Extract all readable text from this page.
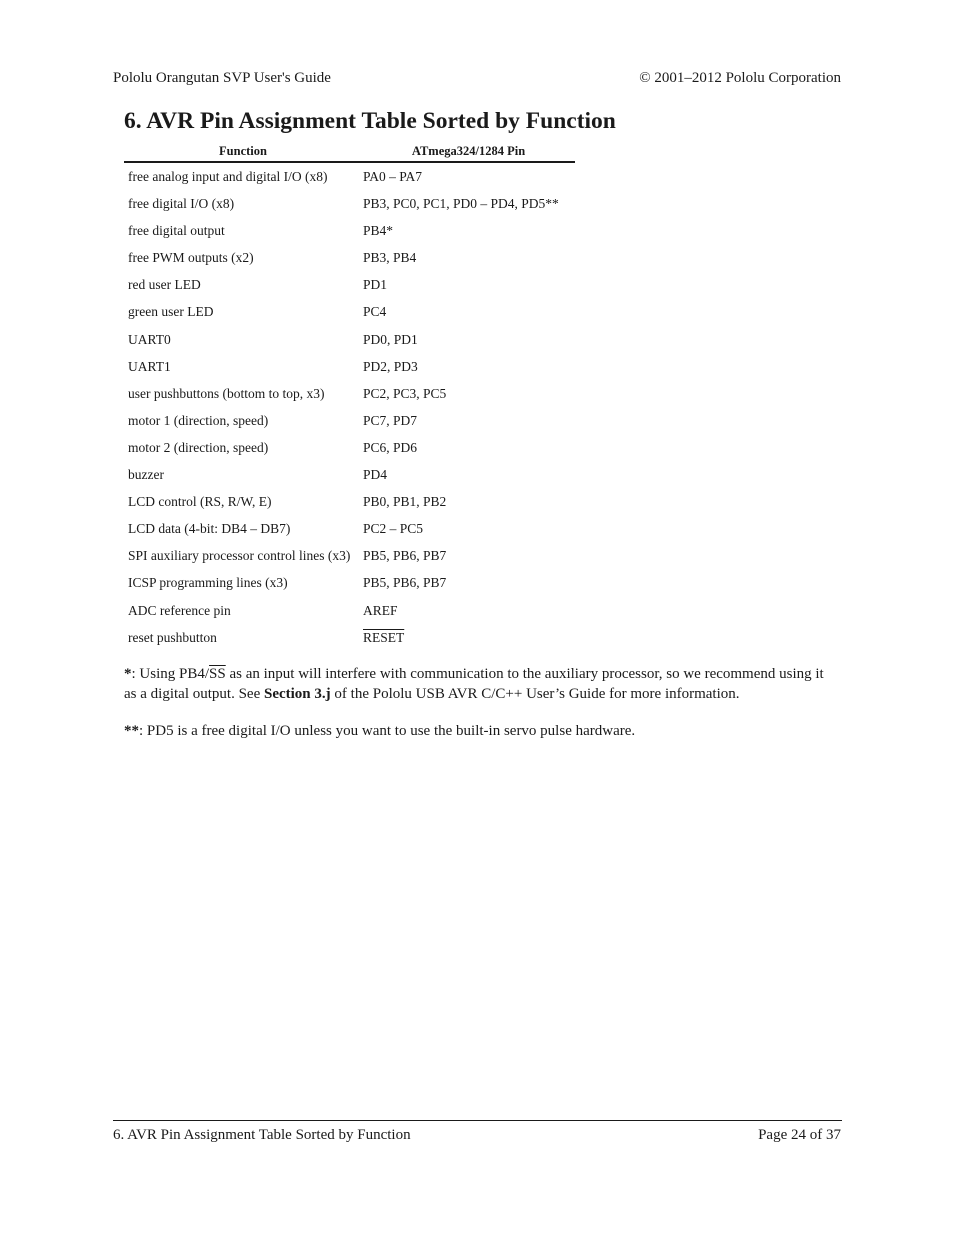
Pololu Orangutan SVP User's Guide	© 2001–2012 Pololu Corporation
6. AVR Pin Assignment Table Sorted by Function
Function	ATmega324/1284 Pin
free analog input and digital I/O (x8)	PA0 – PA7
free digital I/O (x8)	PB3, PC0, PC1, PD0 – PD4, PD5**
free digital output	PB4*
free PWM outputs (x2)	PB3, PB4
red user LED	PD1
green user LED	PC4
UART0	PD0, PD1
UART1	PD2, PD3
user pushbuttons (bottom to top, x3)	PC2, PC3, PC5
motor 1 (direction, speed)	PC7, PD7
motor 2 (direction, speed)	PC6, PD6
buzzer	PD4
LCD control (RS, R/W, E)	PB0, PB1, PB2
LCD data (4-bit: DB4 – DB7)	PC2 – PC5
SPI auxiliary processor control lines (x3) PB5, PB6, PB7
ICSP programming lines (x3)	PB5, PB6, PB7
ADC reference pin	AREF
reset pushbutton	RESET
*: Using $PB4/\overline{SS}$ as an input will interfere with communication to the auxiliary processor, so we recommend using it as a digital output. See Section 3.j of the Pololu USB AVR C/C++ User’s Guide for more information.
**: PD5 is a free digital I/O unless you want to use the built-in servo pulse hardware.
6. AVR Pin Assignment Table Sorted by Function	Page 24 of 37
